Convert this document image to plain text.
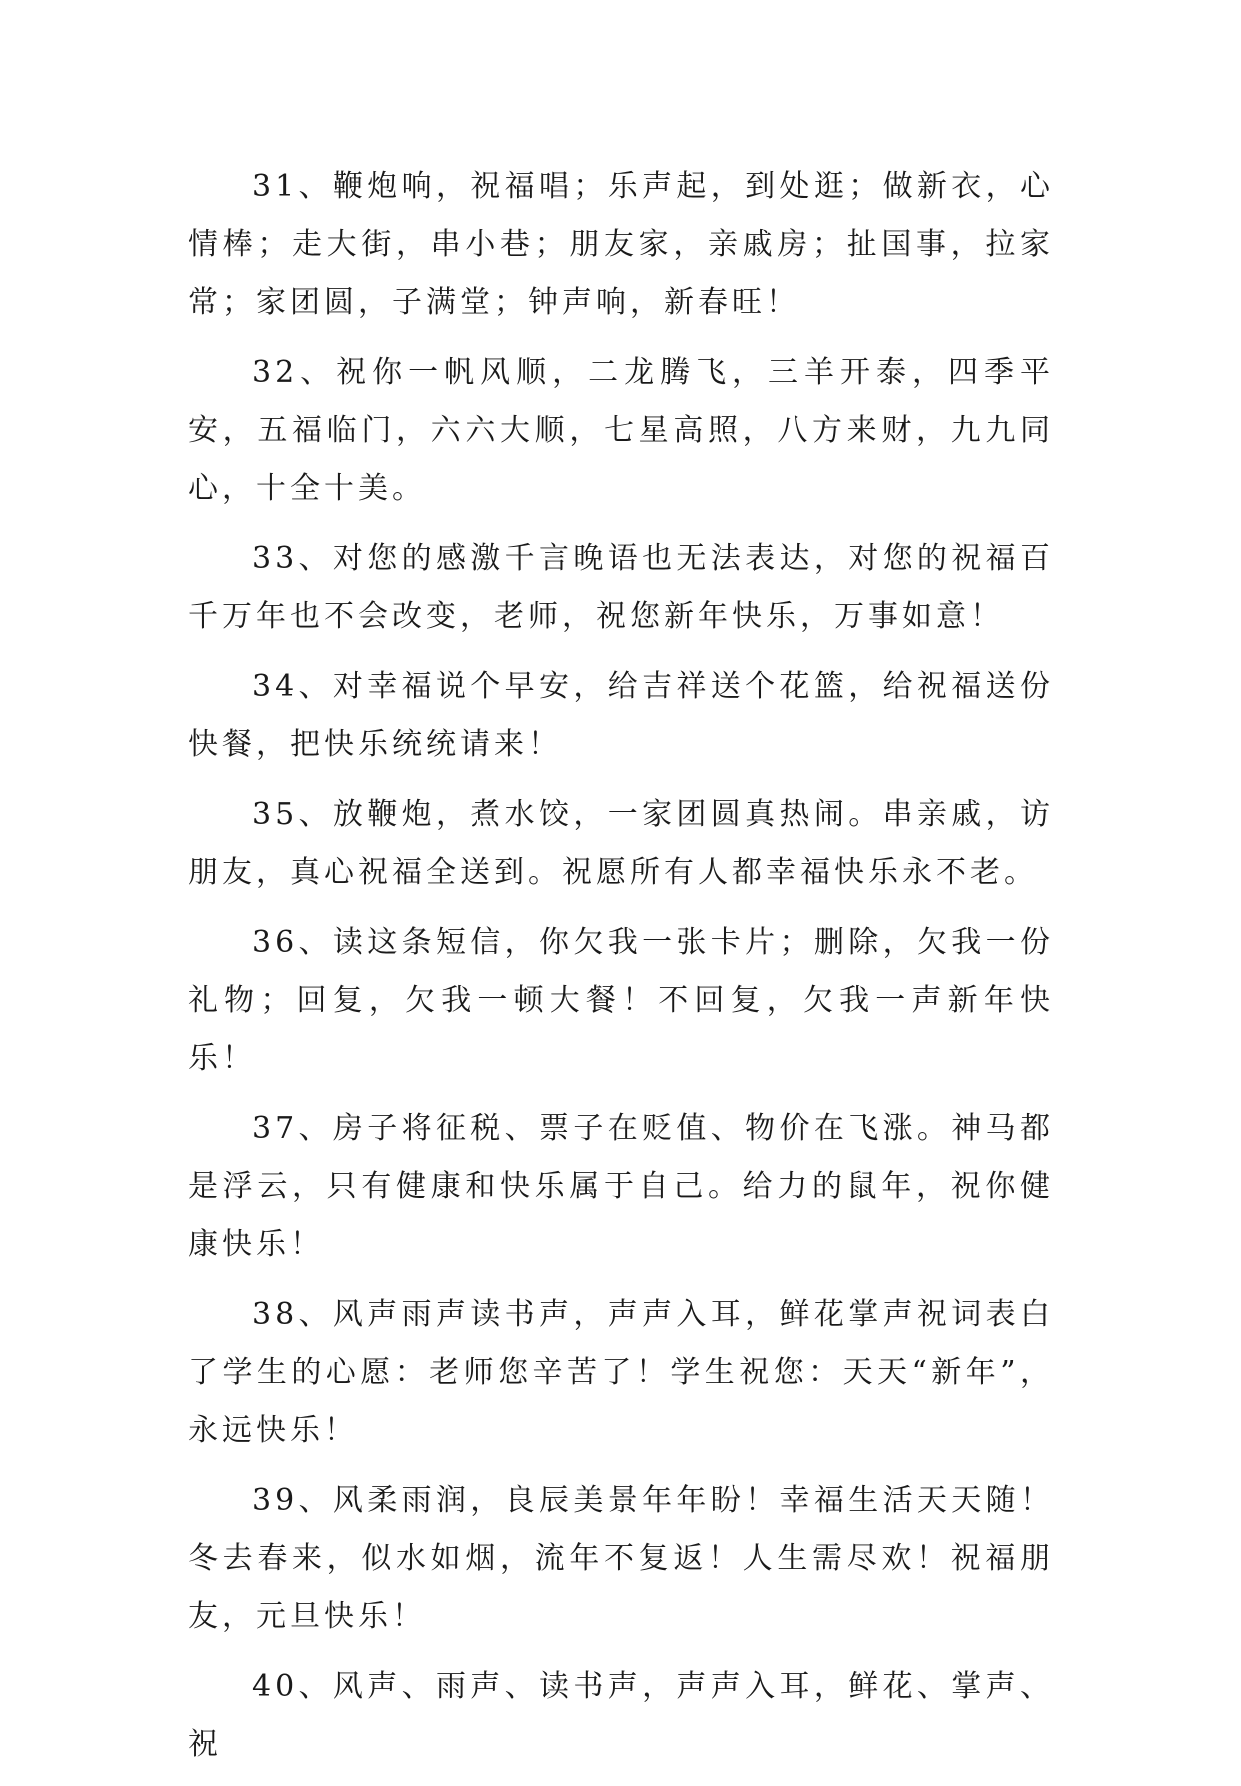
31、鞭炮响，祝福唱；乐声起，到处逛；做新衣，心情棒；走大街，串小巷；朋友家，亲戚房；扯国事，拉家常；家团圆，子满堂；钟声响，新春旺！

32、祝你一帆风顺，二龙腾飞，三羊开泰，四季平安，五福临门，六六大顺，七星高照，八方来财，九九同心，十全十美。

33、对您的感激千言晚语也无法表达，对您的祝福百千万年也不会改变，老师，祝您新年快乐，万事如意！

34、对幸福说个早安，给吉祥送个花篮，给祝福送份快餐，把快乐统统请来！

35、放鞭炮，煮水饺，一家团圆真热闹。串亲戚，访朋友，真心祝福全送到。祝愿所有人都幸福快乐永不老。

36、读这条短信，你欠我一张卡片；删除，欠我一份礼物；回复，欠我一顿大餐！不回复，欠我一声新年快乐！

37、房子将征税、票子在贬值、物价在飞涨。神马都是浮云，只有健康和快乐属于自己。给力的鼠年，祝你健康快乐！

38、风声雨声读书声，声声入耳，鲜花掌声祝词表白了学生的心愿：老师您辛苦了！学生祝您：天天“新年”，永远快乐！

39、风柔雨润，良辰美景年年盼！幸福生活天天随！冬去春来，似水如烟，流年不复返！人生需尽欢！祝福朋友，元旦快乐！

40、风声、雨声、读书声，声声入耳，鲜花、掌声、祝
